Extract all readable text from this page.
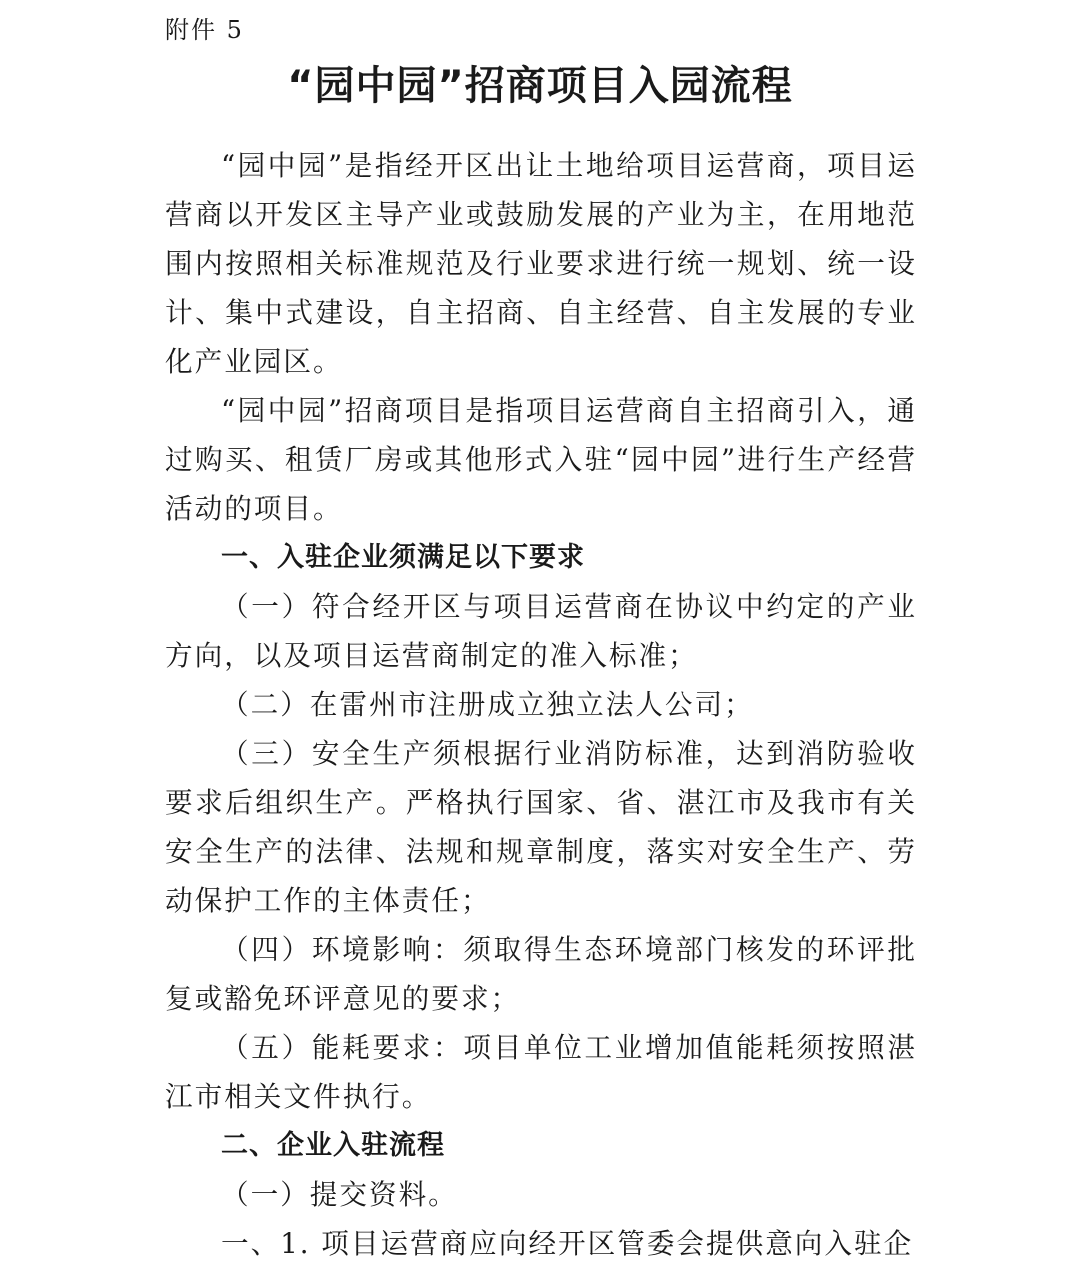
附件 5
“园中园”招商项目入园流程

“园中园”是指经开区出让土地给项目运营商，项目运营商以开发区主导产业或鼓励发展的产业为主，在用地范围内按照相关标准规范及行业要求进行统一规划、统一设计、集中式建设，自主招商、自主经营、自主发展的专业化产业园区。

“园中园”招商项目是指项目运营商自主招商引入，通过购买、租赁厂房或其他形式入驻“园中园”进行生产经营活动的项目。

一、入驻企业须满足以下要求

（一）符合经开区与项目运营商在协议中约定的产业方向，以及项目运营商制定的准入标准；

（二）在雷州市注册成立独立法人公司；

（三）安全生产须根据行业消防标准，达到消防验收要求后组织生产。严格执行国家、省、湛江市及我市有关安全生产的法律、法规和规章制度，落实对安全生产、劳动保护工作的主体责任；

（四）环境影响：须取得生态环境部门核发的环评批复或豁免环评意见的要求；

（五）能耗要求：项目单位工业增加值能耗须按照湛江市相关文件执行。

二、企业入驻流程

（一）提交资料。

一、1. 项目运营商应向经开区管委会提供意向入驻企
